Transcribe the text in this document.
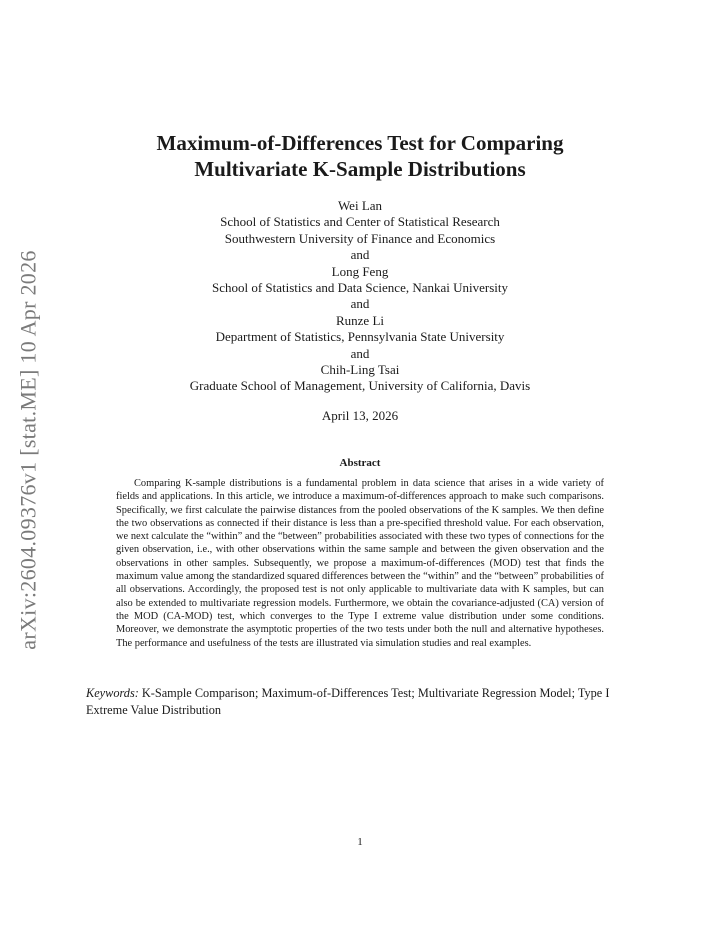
arXiv:2604.09376v1 [stat.ME] 10 Apr 2026
Maximum-of-Differences Test for Comparing
Multivariate K-Sample Distributions
Wei Lan
School of Statistics and Center of Statistical Research
Southwestern University of Finance and Economics
and
Long Feng
School of Statistics and Data Science, Nankai University
and
Runze Li
Department of Statistics, Pennsylvania State University
and
Chih-Ling Tsai
Graduate School of Management, University of California, Davis
April 13, 2026
Abstract

Comparing K-sample distributions is a fundamental problem in data science that arises in a wide variety of fields and applications. In this article, we introduce a maximum-of-differences approach to make such comparisons. Specifically, we first calculate the pairwise distances from the pooled observations of the K samples. We then define the two observations as connected if their distance is less than a pre-specified threshold value. For each observation, we next calculate the “within” and the “between” probabilities associated with these two types of connections for the given observation, i.e., with other observations within the same sample and between the given observation and the observations in other samples. Subsequently, we propose a maximum-of-differences (MOD) test that finds the maximum value among the standardized squared differences between the “within” and the “between” probabilities of all observations. Accordingly, the proposed test is not only applicable to multivariate data with K samples, but can also be extended to multivariate regression models. Furthermore, we obtain the covariance-adjusted (CA) version of the MOD (CA-MOD) test, which converges to the Type I extreme value distribution under some conditions. Moreover, we demonstrate the asymptotic properties of the two tests under both the null and alternative hypotheses. The performance and usefulness of the tests are illustrated via simulation studies and real examples.

Keywords: K-Sample Comparison; Maximum-of-Differences Test; Multivariate Regression Model; Type I Extreme Value Distribution

1
